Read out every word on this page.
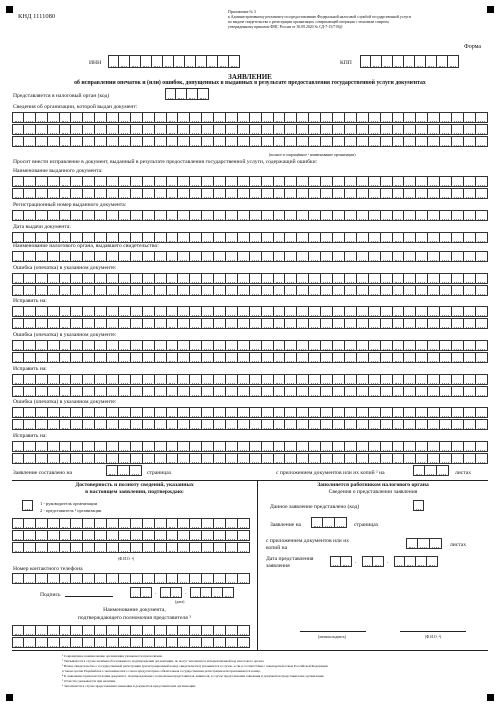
КНД 1111080
Приложение № 3
к Административному регламенту по предоставлению Федеральной налоговой службой государственной услуги
по выдаче свидетельства о регистрации организации, совершающей операции с этиловым спиртом,
утвержденному приказом ФНС России от 30.09.2020 № СД-7-15/719@
Форма
ИНН	КПП
ЗАЯВЛЕНИЕ
об исправлении опечаток и (или) ошибок, допущенных в выданных в результате предоставления государственной услуги документах
Представляется в налоговый орган (код)
Сведения об организации, которой выдан документ:
(полное и сокращённое ¹ наименование организации)
Просит внести исправление в документ, выданный в результате предоставления государственной услуги, содержащий ошибки:
Наименование выданного документа:
Регистрационный номер выданного документа:
Дата выдачи документа:
Наименование налогового органа, выдавшего свидетельство:
Ошибка (опечатка) в указанном документе:
Исправить на:
Ошибка (опечатка) в указанном документе:
Исправить на:
Ошибка (опечатка) в указанном документе:
Исправить на:
Заявление составлено на	страницах	с приложением документов или их копий ² на	листах
Достоверность и полноту сведений, указанных
в настоящем заявлении, подтверждаю:
1 - руководитель организации
2 - представитель ³ организации
(Ф.И.О. ⁴)
Номер контактного телефона
Подпись	.	.
(дата)
Наименование документа,
подтверждающего полномочия представителя ⁵
Заполняется работником налогового органа
Сведения о представлении заявления
Данное заявление представлено (код)
Заявление на	страницах
с приложением документов или их
копий на	листах
Дата представления
заявления
.	.
(личная подпись)	(Ф.И.О. ⁴)
¹ Сокращённое наименование организации указывается при наличии.
² Указываются в случае наличия обоснованного подтверждения организации, по могут заполняться четырехзначный код налогового органа.
³ Номер свидетельства о государственной регистрации (регистрационный номер свидетельства) указывается в случае, если в соответствии с законодательством Российской Федерации
в таком органе Евразийского экономического союза предусмотрено обязательная государственная регистрация или присваивается номер.
⁴ К заявлению прилагается копия документа, подтверждающего полномочия представителя заявителя, в случае представления заявления и документов представителем организации.
⁵ Отчество указывается при наличии.
⁶ Заполняется в случае представления заявления и документов представителем организации.
